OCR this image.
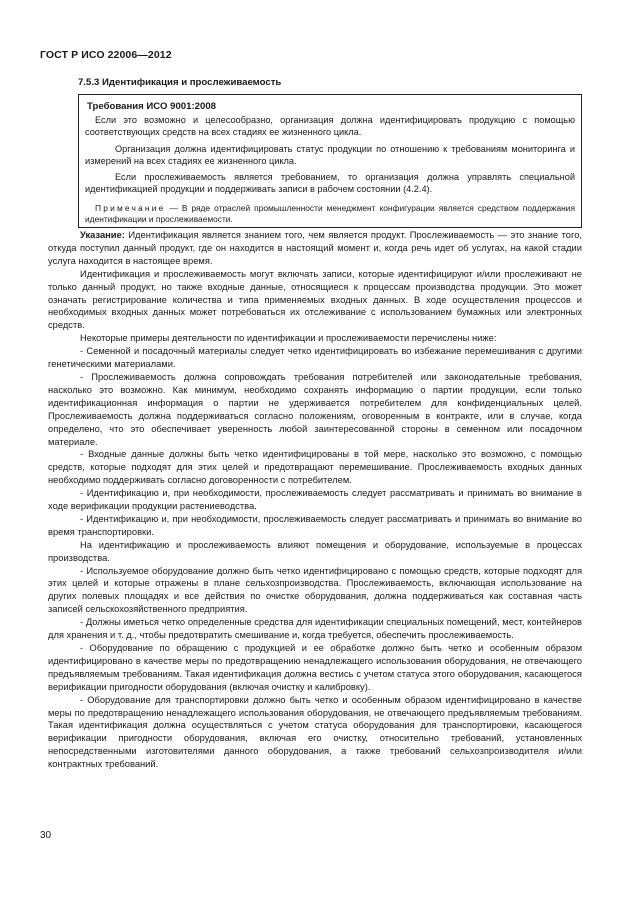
ГОСТ Р ИСО 22006—2012
7.5.3 Идентификация и прослеживаемость
Требования ИСО 9001:2008

Если это возможно и целесообразно, организация должна идентифицировать продукцию с помощью соответствующих средств на всех стадиях ее жизненного цикла.

Организация должна идентифицировать статус продукции по отношению к требованиям мониторинга и измерений на всех стадиях ее жизненного цикла.

Если прослеживаемость является требованием, то организация должна управлять специальной идентификацией продукции и поддерживать записи в рабочем состоянии (4.2.4).

Примечание — В ряде отраслей промышленности менеджмент конфигурации является средством поддержания идентификации и прослеживаемости.

Указание: Идентификация является знанием того, чем является продукт. Прослеживаемость — это знание того, откуда поступил данный продукт, где он находится в настоящий момент и, когда речь идет об услугах, на какой стадии услуга находится в настоящее время.

Идентификация и прослеживаемость могут включать записи, которые идентифицируют и/или прослеживают не только данный продукт, но также входные данные, относящиеся к процессам производства продукции. Это может означать регистрирование количества и типа применяемых входных данных. В ходе осуществления процессов и необходимых входных данных может потребоваться их отслеживание с использованием бумажных или электронных средств.

Некоторые примеры деятельности по идентификации и прослеживаемости перечислены ниже:

- Семенной и посадочный материалы следует четко идентифицировать во избежание перемешивания с другими генетическими материалами.

- Прослеживаемость должна сопровождать требования потребителей или законодательные требования, насколько это возможно. Как минимум, необходимо сохранять информацию о партии продукции, если только идентификационная информация о партии не удерживается потребителем для конфиденциальных целей. Прослеживаемость должна поддерживаться согласно положениям, оговоренным в контракте, или в случае, когда определено, что это обеспечивает уверенность любой заинтересованной стороны в семенном или посадочном материале.

- Входные данные должны быть четко идентифицированы в той мере, насколько это возможно, с помощью средств, которые подходят для этих целей и предотвращают перемешивание. Прослеживаемость входных данных необходимо поддерживать согласно договоренности с потребителем.

- Идентификацию и, при необходимости, прослеживаемость следует рассматривать и принимать во внимание в ходе верификации продукции растениеводства.

- Идентификацию и, при необходимости, прослеживаемость следует рассматривать и принимать во внимание во время транспортировки.

На идентификацию и прослеживаемость влияют помещения и оборудование, используемые в процессах производства.

- Используемое оборудование должно быть четко идентифицировано с помощью средств, которые подходят для этих целей и которые отражены в плане сельхозпроизводства. Прослеживаемость, включающая использование на других полевых площадях и все действия по очистке оборудования, должна поддерживаться как составная часть записей сельскохозяйственного предприятия.

- Должны иметься четко определенные средства для идентификации специальных помещений, мест, контейнеров для хранения и т. д., чтобы предотвратить смешивание и, когда требуется, обеспечить прослеживаемость.

- Оборудование по обращению с продукцией и ее обработке должно быть четко и особенным образом идентифицировано в качестве меры по предотвращению ненадлежащего использования оборудования, не отвечающего предъявляемым требованиям. Такая идентификация должна вестись с учетом статуса этого оборудования, касающегося верификации пригодности оборудования (включая очистку и калибровку).

- Оборудование для транспортировки должно быть четко и особенным образом идентифицировано в качестве меры по предотвращению ненадлежащего использования оборудования, не отвечающего предъявляемым требованиям. Такая идентификация должна осуществляться с учетом статуса оборудования для транспортировки, касающегося верификации пригодности оборудования, включая его очистку, относительно требований, установленных непосредственными изготовителями данного оборудования, а также требований сельхозпроизводителя и/или контрактных требований.

30
